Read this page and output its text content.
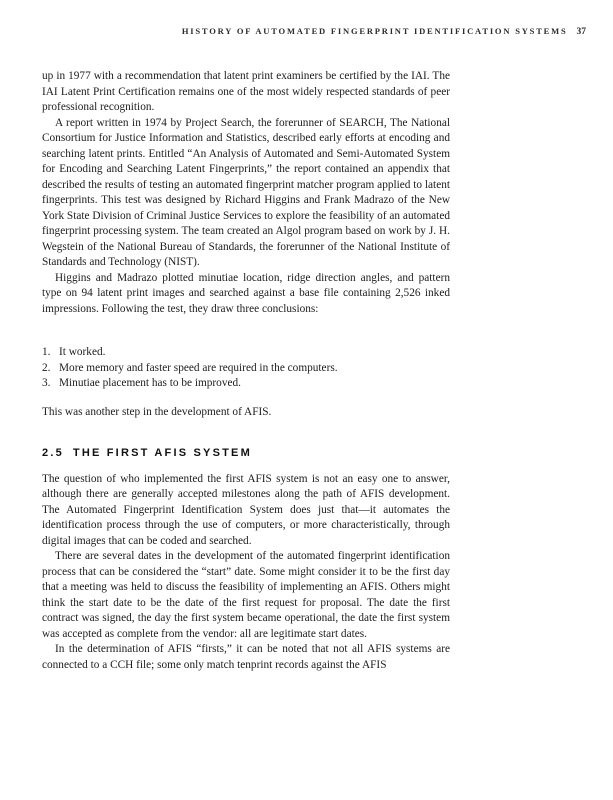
HISTORY OF AUTOMATED FINGERPRINT IDENTIFICATION SYSTEMS 37

up in 1977 with a recommendation that latent print examiners be certified by the IAI. The IAI Latent Print Certification remains one of the most widely respected standards of peer professional recognition.

A report written in 1974 by Project Search, the forerunner of SEARCH, The National Consortium for Justice Information and Statistics, described early efforts at encoding and searching latent prints. Entitled “An Analysis of Automated and Semi-Automated System for Encoding and Searching Latent Fingerprints,” the report contained an appendix that described the results of testing an automated fingerprint matcher program applied to latent fingerprints. This test was designed by Richard Higgins and Frank Madrazo of the New York State Division of Criminal Justice Services to explore the feasibility of an automated fingerprint processing system. The team created an Algol program based on work by J. H. Wegstein of the National Bureau of Standards, the forerunner of the National Institute of Standards and Technology (NIST).

Higgins and Madrazo plotted minutiae location, ridge direction angles, and pattern type on 94 latent print images and searched against a base file containing 2,526 inked impressions. Following the test, they draw three conclusions:

1. It worked.
2. More memory and faster speed are required in the computers.
3. Minutiae placement has to be improved.

This was another step in the development of AFIS.

2.5 THE FIRST AFIS SYSTEM

The question of who implemented the first AFIS system is not an easy one to answer, although there are generally accepted milestones along the path of AFIS development. The Automated Fingerprint Identification System does just that—it automates the identification process through the use of computers, or more characteristically, through digital images that can be coded and searched.

There are several dates in the development of the automated fingerprint identification process that can be considered the “start” date. Some might consider it to be the first day that a meeting was held to discuss the feasibility of implementing an AFIS. Others might think the start date to be the date of the first request for proposal. The date the first contract was signed, the day the first system became operational, the date the first system was accepted as complete from the vendor: all are legitimate start dates.

In the determination of AFIS “firsts,” it can be noted that not all AFIS systems are connected to a CCH file; some only match tenprint records against the AFIS
